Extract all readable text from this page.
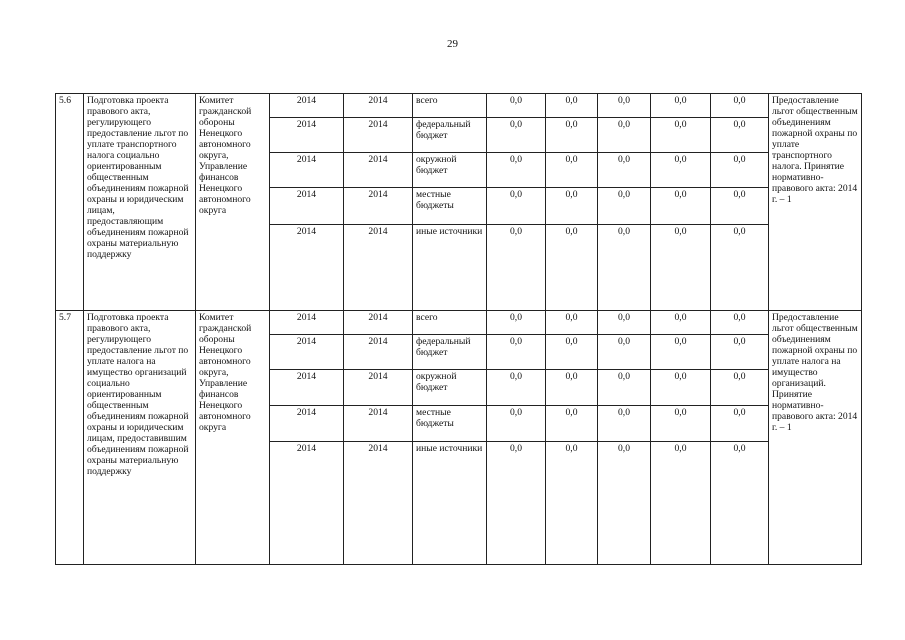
29
5.6	Подготовка проекта правового акта, регулирующего предоставление льгот по уплате транспортного налога социально ориентированным общественным объединениям пожарной охраны и юридическим лицам, предоставляющим объединениям пожарной охраны материальную поддержку	Комитет гражданской обороны Ненецкого автономного округа, Управление финансов Ненецкого автономного округа	2014	2014	всего	0,0	0,0	0,0	0,0	0,0	Предоставление льгот общественным объединениям пожарной охраны по уплате транспортного налога. Принятие нормативно-правового акта: 2014 г. – 1
			2014	2014	федеральный бюджет	0,0	0,0	0,0	0,0	0,0	
			2014	2014	окружной бюджет	0,0	0,0	0,0	0,0	0,0	
			2014	2014	местные бюджеты	0,0	0,0	0,0	0,0	0,0	
			2014	2014	иные источники	0,0	0,0	0,0	0,0	0,0	
5.7	Подготовка проекта правового акта, регулирующего предоставление льгот по уплате налога на имущество организаций социально ориентированным общественным объединениям пожарной охраны и юридическим лицам, предоставившим объединениям пожарной охраны материальную поддержку	Комитет гражданской обороны Ненецкого автономного округа, Управление финансов Ненецкого автономного округа	2014	2014	всего	0,0	0,0	0,0	0,0	0,0	Предоставление льгот общественным объединениям пожарной охраны по уплате налога на имущество организаций. Принятие нормативно-правового акта: 2014 г. – 1
			2014	2014	федеральный бюджет	0,0	0,0	0,0	0,0	0,0	
			2014	2014	окружной бюджет	0,0	0,0	0,0	0,0	0,0	
			2014	2014	местные бюджеты	0,0	0,0	0,0	0,0	0,0	
			2014	2014	иные источники	0,0	0,0	0,0	0,0	0,0	
